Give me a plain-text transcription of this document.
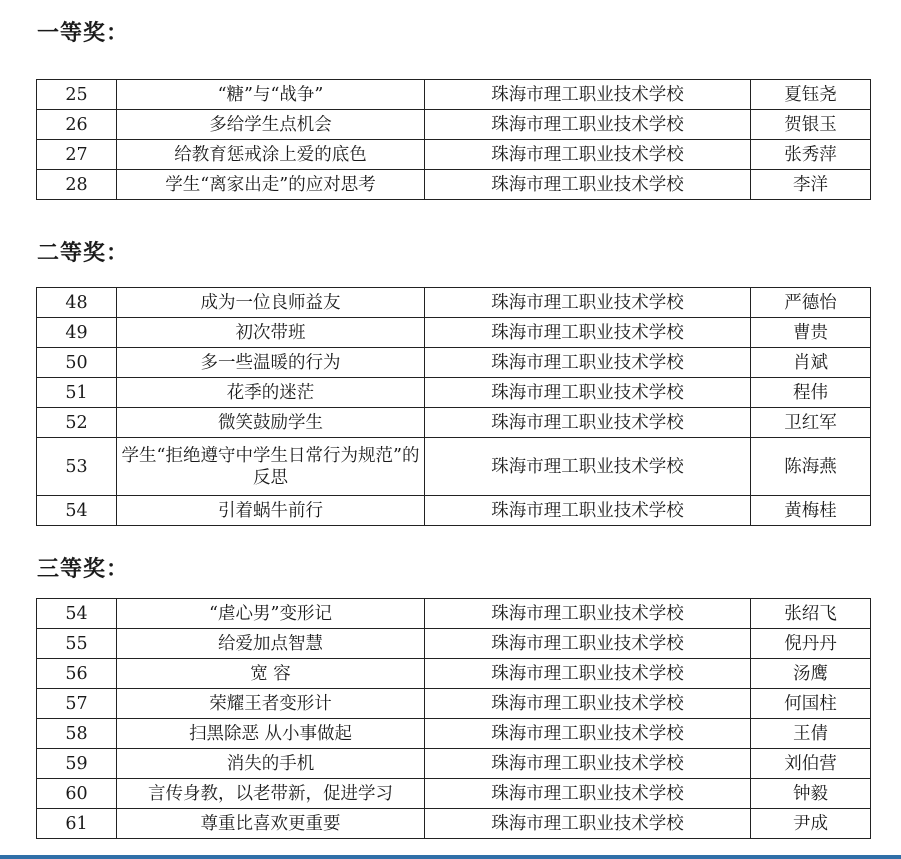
一等奖：
25	“糖”与“战争”	珠海市理工职业技术学校	夏钰尧
26	多给学生点机会	珠海市理工职业技术学校	贺银玉
27	给教育惩戒涂上爱的底色	珠海市理工职业技术学校	张秀萍
28	学生“离家出走”的应对思考	珠海市理工职业技术学校	李洋
二等奖：
48	成为一位良师益友	珠海市理工职业技术学校	严德怡
49	初次带班	珠海市理工职业技术学校	曹贵
50	多一些温暖的行为	珠海市理工职业技术学校	肖斌
51	花季的迷茫	珠海市理工职业技术学校	程伟
52	微笑鼓励学生	珠海市理工职业技术学校	卫红军
53	学生“拒绝遵守中学生日常行为规范”的反思	珠海市理工职业技术学校	陈海燕
54	引着蜗牛前行	珠海市理工职业技术学校	黄梅桂
三等奖：
54	“虐心男”变形记	珠海市理工职业技术学校	张绍飞
55	给爱加点智慧	珠海市理工职业技术学校	倪丹丹
56	宽 容	珠海市理工职业技术学校	汤鹰
57	荣耀王者变形计	珠海市理工职业技术学校	何国柱
58	扫黑除恶 从小事做起	珠海市理工职业技术学校	王倩
59	消失的手机	珠海市理工职业技术学校	刘伯营
60	言传身教，以老带新，促进学习	珠海市理工职业技术学校	钟毅
61	尊重比喜欢更重要	珠海市理工职业技术学校	尹成
